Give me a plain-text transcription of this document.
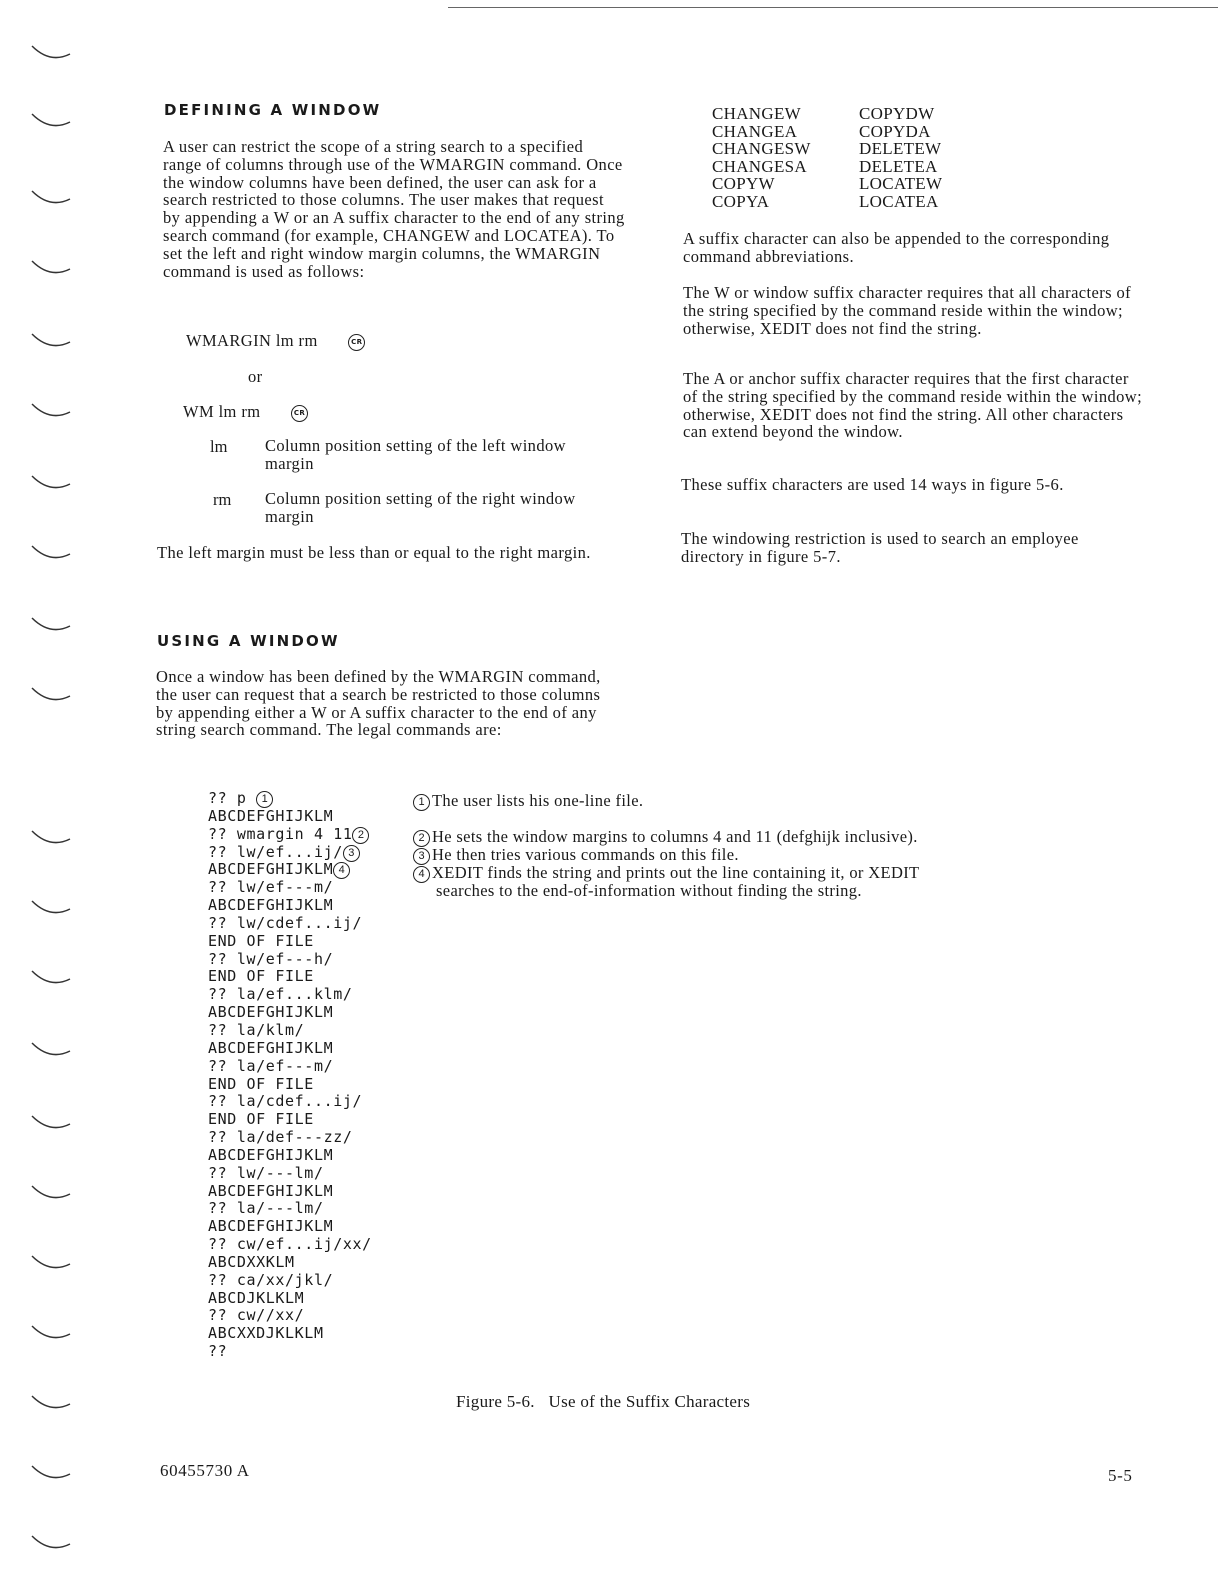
DEFINING A WINDOW

A user can restrict the scope of a string search to a specified range of columns through use of the WMARGIN command. Once the window columns have been defined, the user can ask for a search restricted to those columns. The user makes that request by appending a W or an A suffix character to the end of any string search command (for example, CHANGEW and LOCATEA). To set the left and right window margin columns, the WMARGIN command is used as follows:

WMARGIN lm rm	CR
or
WM lm rm	CR
lm Column position setting of the left window margin
rm Column position setting of the right window margin

The left margin must be less than or equal to the right margin.

USING A WINDOW

Once a window has been defined by the WMARGIN command, the user can request that a search be restricted to those columns by appending either a W or A suffix character to the end of any string search command. The legal commands are:

CHANGEW	COPYDW
CHANGEA	COPYDA
CHANGESW	DELETEW
CHANGESA	DELETEA
COPYW	LOCATEW
COPYA	LOCATEA

A suffix character can also be appended to the corresponding command abbreviations.

The W or window suffix character requires that all characters of the string specified by the command reside within the window; otherwise, XEDIT does not find the string.

The A or anchor suffix character requires that the first character of the string specified by the command reside within the window; otherwise, XEDIT does not find the string. All other characters can extend beyond the window.

These suffix characters are used 14 ways in figure 5-6.

The windowing restriction is used to search an employee directory in figure 5-7.

?? p 1
ABCDEFGHIJKLM
?? wmargin 4 11 2
?? lw/ef...ij/ 3
ABCDEFGHIJKLM 4
?? lw/ef---m/
ABCDEFGHIJKLM
?? lw/cdef...ij/
END OF FILE
?? lw/ef---h/
END OF FILE
?? la/ef...klm/
ABCDEFGHIJKLM
?? la/klm/
ABCDEFGHIJKLM
?? la/ef---m/
END OF FILE
?? la/cdef...ij/
END OF FILE
?? la/def---zz/
ABCDEFGHIJKLM
?? lw/---lm/
ABCDEFGHIJKLM
?? la/---lm/
ABCDEFGHIJKLM
?? cw/ef...ij/xx/
ABCDXXKLM
?? ca/xx/jkl/
ABCDJKLKLM
?? cw//xx/
ABCXXDJKLKLM
??
1 The user lists his one-line file.
2 He sets the window margins to columns 4 and 11 (defghijk inclusive).
3 He then tries various commands on this file.
4 XEDIT finds the string and prints out the line containing it, or XEDIT
searches to the end-of-information without finding the string.
Figure 5-6.   Use of the Suffix Characters
60455730 A	5-5
